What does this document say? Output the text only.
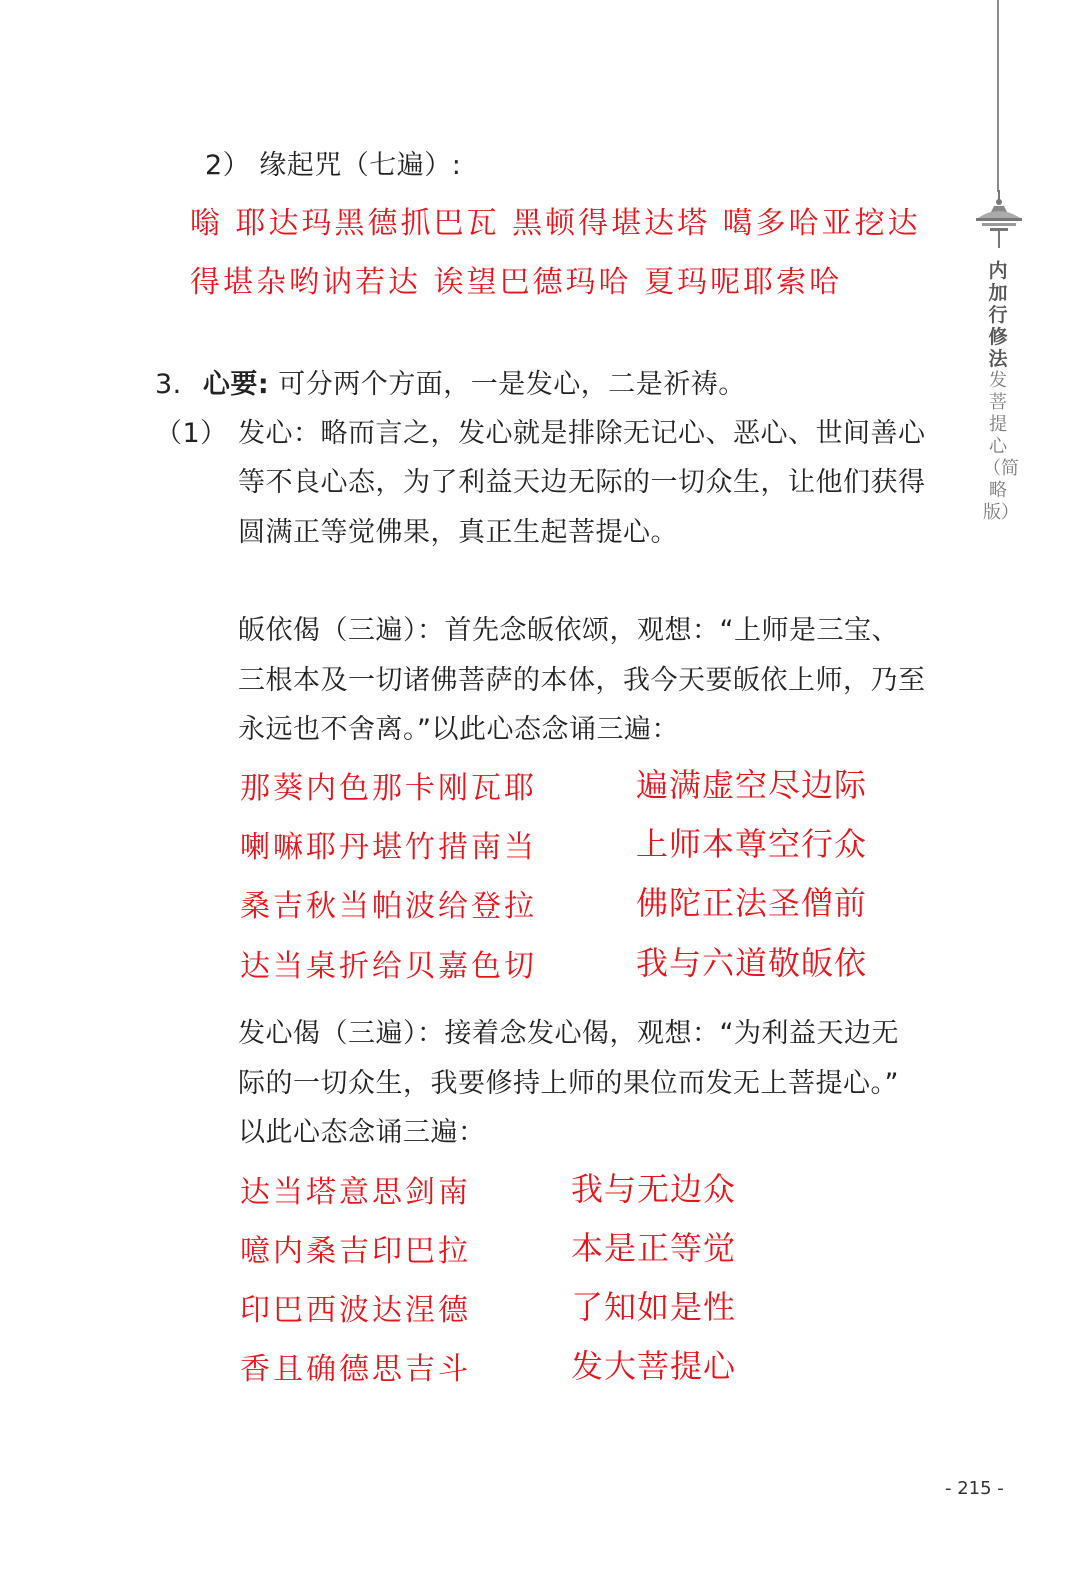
内加行修法
发菩提心（简略版）
2） 缘起咒（七遍）:
嗡 耶达玛黑德抓巴瓦 黑顿得堪达塔 噶多哈亚挖达
得堪杂哟讷若达 诶望巴德玛哈 夏玛呢耶索哈
3. 心要: 可分两个方面，一是发心，二是祈祷。
（1） 发心：略而言之，发心就是排除无记心、恶心、世间善心
等不良心态，为了利益天边无际的一切众生，让他们获得
圆满正等觉佛果，真正生起菩提心。
皈依偈（三遍）：首先念皈依颂，观想：“上师是三宝、
三根本及一切诸佛菩萨的本体，我今天要皈依上师，乃至
永远也不舍离。”以此心态念诵三遍：
那葵内色那卡刚瓦耶	遍满虚空尽边际
喇嘛耶丹堪竹措南当	上师本尊空行众
桑吉秋当帕波给登拉	佛陀正法圣僧前
达当桌折给贝嘉色切	我与六道敬皈依
发心偈（三遍）：接着念发心偈，观想：“为利益天边无
际的一切众生，我要修持上师的果位而发无上菩提心。”
以此心态念诵三遍：
达当塔意思剑南	我与无边众
噫内桑吉印巴拉	本是正等觉
印巴西波达涅德	了知如是性
香且确德思吉斗	发大菩提心
- 215 -
